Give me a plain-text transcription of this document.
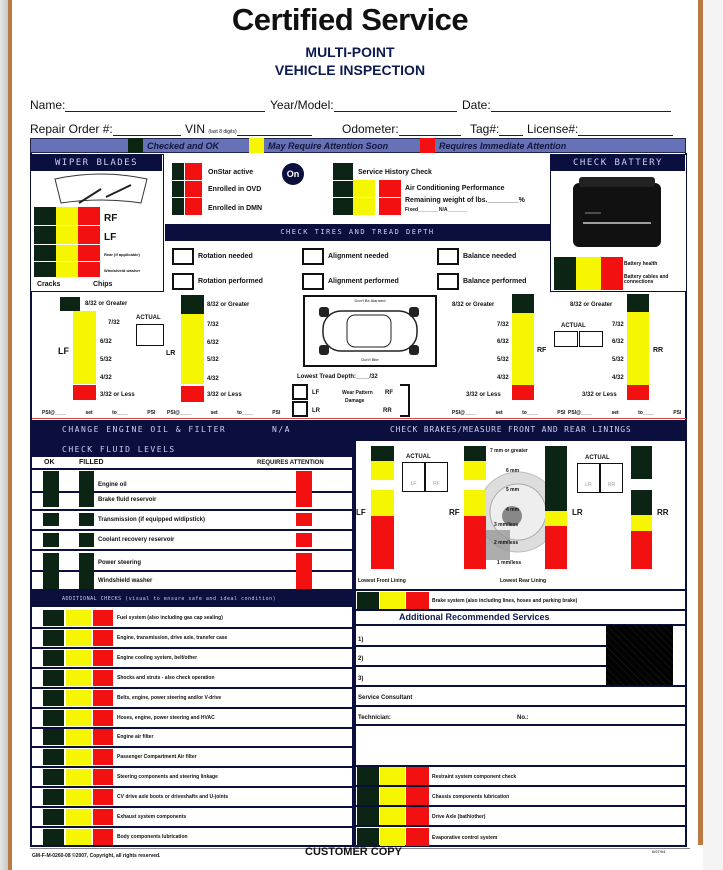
Certified Service
MULTI-POINT
VEHICLE INSPECTION
Name:	Year/Model:	Date:
Repair Order #:	VIN (last 8 digits)	Odometer:	Tag#:	License#:
Checked and OK	May Require Attention Soon	Requires Immediate Attention
WIPER BLADES
RF
LF
Rear (if applicable)
Windshield washer
Cracks	Chips
OnStar active
Enrolled in OVD
Enrolled in DMN
On	Service History Check
Air Conditioning Performance
Remaining weight of lbs.________%
Fixed_______ N/A_______
CHECK BATTERY
Battery health
Battery cables and connections
CHECK TIRES AND TREAD DEPTH
Rotation needed	Alignment needed	Balance needed
Rotation performed	Alignment performed	Balance performed
8/32 or Greater
7/32
6/32
5/32
4/32
3/32 or Less
LF
ACTUAL
LR
8/32 or Greater
7/32
6/32
5/32
4/32
3/32 or Less
Don't Be Alarmed
Don't Bite
Lowest Tread Depth:____/32
LF
LR
Wear Pattern
Damage
RF
RR
8/32 or Greater
7/32
6/32
5/32
4/32
3/32 or Less
RF
8/32 or Greater
ACTUAL	7/32
6/32
5/32
4/32
3/32 or Less
RR
PSI@____ set to____ PSI PSI@____ set to____ PSI	PSI@____ set to____ PSI PSI@____ set to____ PSI
CHANGE ENGINE OIL & FILTER	N/A	CHECK BRAKES/MEASURE FRONT AND REAR LININGS
CHECK FLUID LEVELS
OK	FILLED	REQUIRES ATTENTION
Engine oil
Brake fluid reservoir
Transmission (if equipped w/dipstick)
Coolant recovery reservoir
Power steering
Windshield washer
LF
ACTUAL
LF	RF
RF
7 mm or greater
6 mm
5 mm
4 mm
3 mm/less
2 mm/less
1 mm/less
LR
ACTUAL
LR	RR
RR
Lowest Front Lining	Lowest Rear Lining
ADDITIONAL CHECKS (visual to ensure safe and ideal condition)
Fuel system (also including gas cap sealing)
Engine, transmission, drive axle, transfer case
Engine cooling system, belt/other
Shocks and struts - also check operation
Belts, engine, power steering and/or V-drive
Hoses, engine, power steering and HVAC
Engine air filter
Passenger Compartment Air filter
Steering components and steering linkage
CV drive axle boots or driveshafts and U-joints
Exhaust system components
Body components lubrication
Brake system (also including lines, hoses and parking brake)
Additional Recommended Services
1)
2)
3)
Service Consultant
Technician:	No.:
Restraint system component check
Chassis components lubrication
Drive Axle (bath/other)
Evaporative control system
GM-F-M-0260-08 ©2007, Copyright, all rights reserved.	CUSTOMER COPY	6/07/04
